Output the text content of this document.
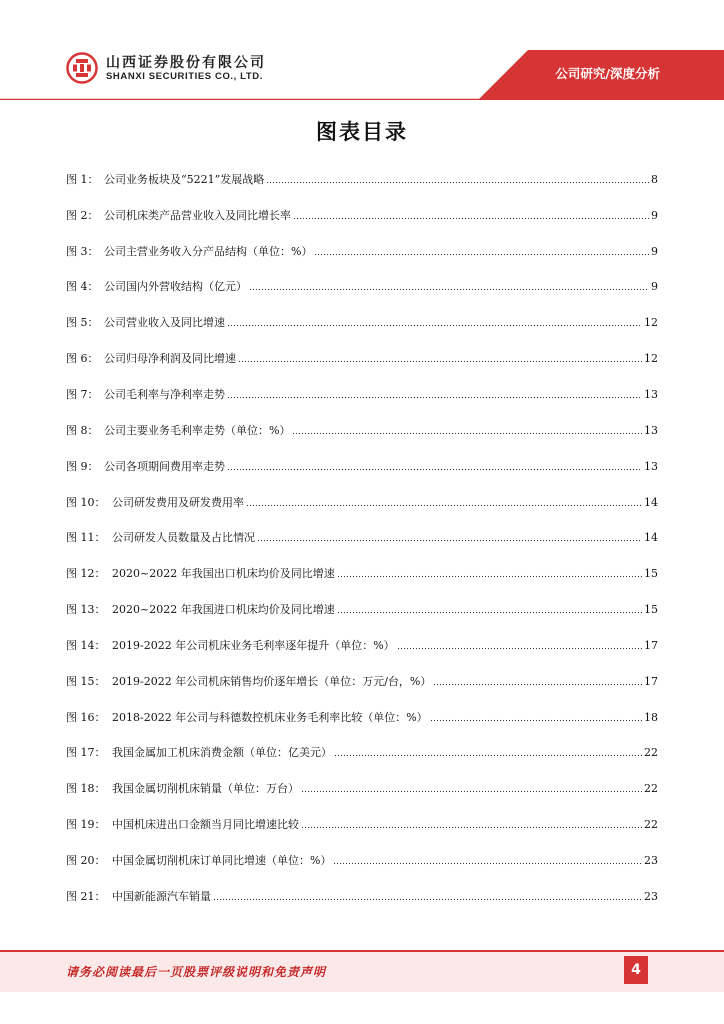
山西证券股份有限公司
SHANXI SECURITIES CO., LTD.	公司研究/深度分析
图表目录
图 1： 公司业务板块及“5221”发展战略	8
图 2： 公司机床类产品营业收入及同比增长率	9
图 3： 公司主营业务收入分产品结构（单位：%）	9
图 4： 公司国内外营收结构（亿元）	9
图 5： 公司营业收入及同比增速	12
图 6： 公司归母净利润及同比增速	12
图 7： 公司毛利率与净利率走势	13
图 8： 公司主要业务毛利率走势（单位：%）	13
图 9： 公司各项期间费用率走势	13
图 10： 公司研发费用及研发费用率	14
图 11： 公司研发人员数量及占比情况	14
图 12： 2020~2022 年我国出口机床均价及同比增速	15
图 13： 2020~2022 年我国进口机床均价及同比增速	15
图 14： 2019-2022 年公司机床业务毛利率逐年提升（单位：%）	17
图 15： 2019-2022 年公司机床销售均价逐年增长（单位：万元/台，%）	17
图 16： 2018-2022 年公司与科德数控机床业务毛利率比较（单位：%）	18
图 17： 我国金属加工机床消费金额（单位：亿美元）	22
图 18： 我国金属切削机床销量（单位：万台）	22
图 19： 中国机床进出口金额当月同比增速比较	22
图 20： 中国金属切削机床订单同比增速（单位：%）	23
图 21： 中国新能源汽车销量	23
请务必阅读最后一页股票评级说明和免责声明	4
